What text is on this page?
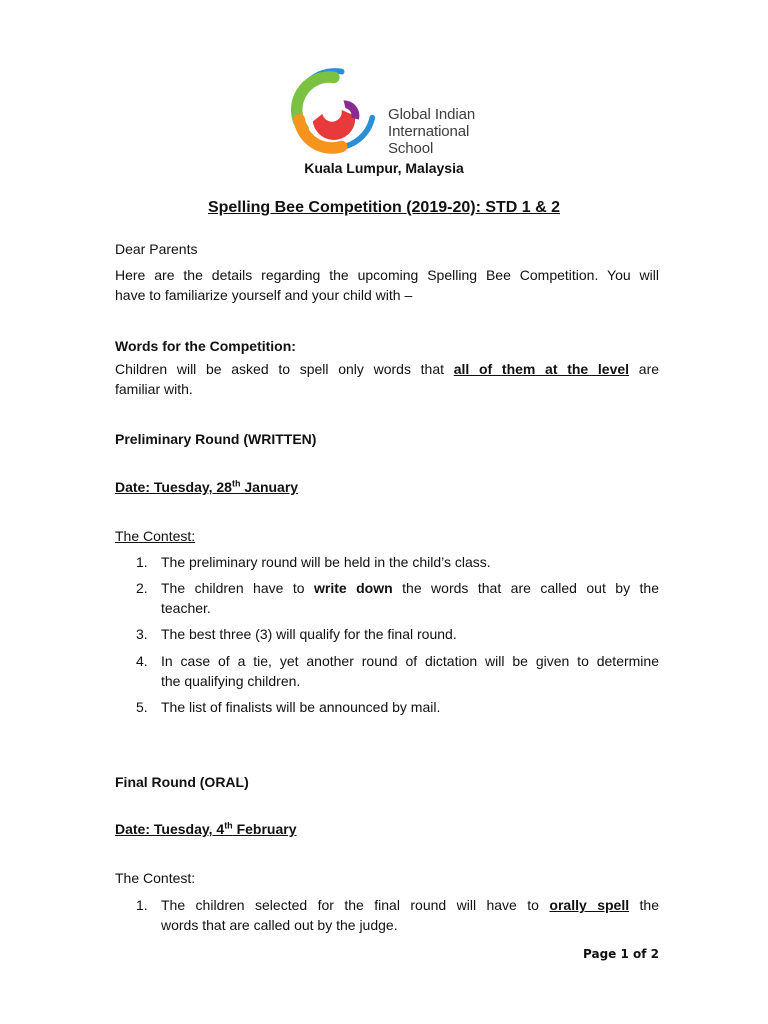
Global Indian
International
School
Kuala Lumpur, Malaysia
Spelling Bee Competition (2019-20): STD 1 & 2
Dear Parents
Here are the details regarding the upcoming Spelling Bee Competition. You will
have to familiarize yourself and your child with –
Words for the Competition:
Children will be asked to spell only words that all of them at the level are
familiar with.
Preliminary Round (WRITTEN)
Date: Tuesday, 28th January
The Contest:
1. The preliminary round will be held in the child’s class.
2. The children have to write down the words that are called out by the
teacher.
3. The best three (3) will qualify for the final round.
4. In case of a tie, yet another round of dictation will be given to determine
the qualifying children.
5. The list of finalists will be announced by mail.
Final Round (ORAL)
Date: Tuesday, 4th February
The Contest:
1. The children selected for the final round will have to orally spell the
words that are called out by the judge.
Page 1 of 2
